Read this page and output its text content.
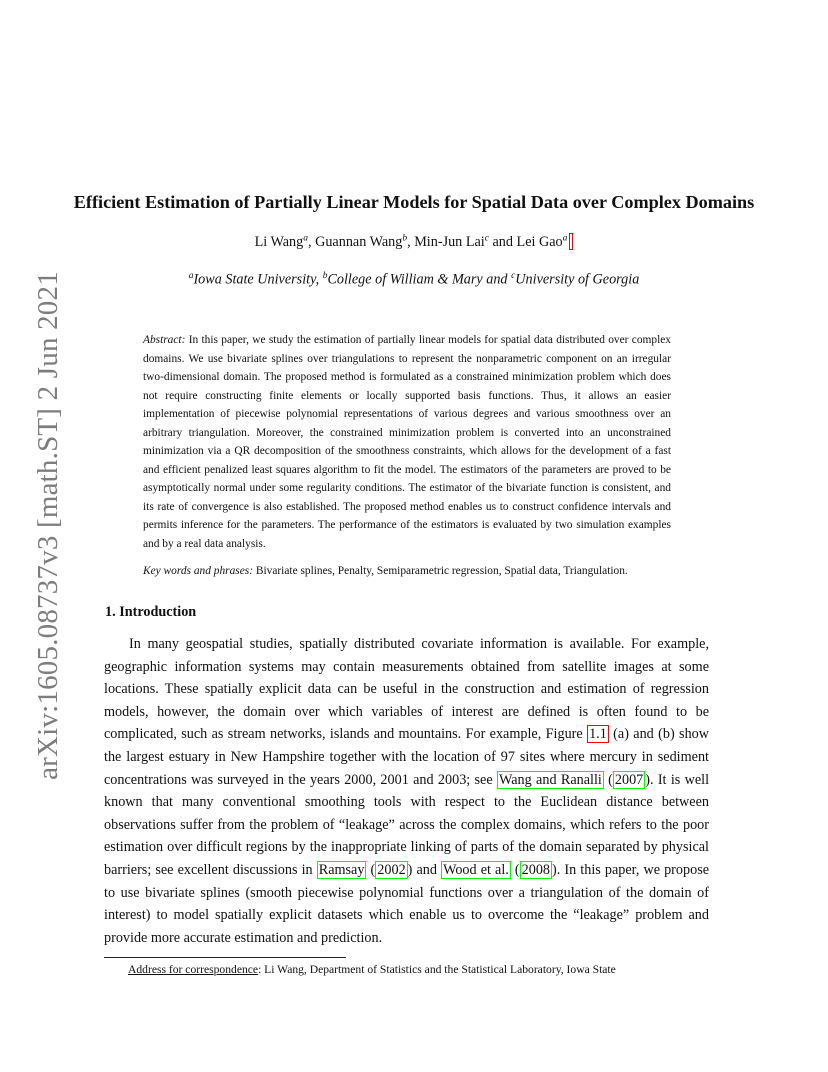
arXiv:1605.08737v3 [math.ST] 2 Jun 2021
Efficient Estimation of Partially Linear Models for Spatial Data over Complex Domains
Li Wang$^a$, Guannan Wang$^b$, Min-Jun Lai$^c$ and Lei Gao$^a$
$^a$Iowa State University, $^b$College of William & Mary and $^c$University of Georgia
Abstract: In this paper, we study the estimation of partially linear models for spatial data distributed over complex domains. We use bivariate splines over triangulations to represent the nonparametric component on an irregular two-dimensional domain. The proposed method is formulated as a constrained minimization problem which does not require constructing finite elements or locally supported basis functions. Thus, it allows an easier implementation of piecewise polynomial representations of various degrees and various smoothness over an arbitrary triangulation. Moreover, the constrained minimization problem is converted into an unconstrained minimization via a QR decomposition of the smoothness constraints, which allows for the development of a fast and efficient penalized least squares algorithm to fit the model. The estimators of the parameters are proved to be asymptotically normal under some regularity conditions. The estimator of the bivariate function is consistent, and its rate of convergence is also established. The proposed method enables us to construct confidence intervals and permits inference for the parameters. The performance of the estimators is evaluated by two simulation examples and by a real data analysis.
Key words and phrases: Bivariate splines, Penalty, Semiparametric regression, Spatial data, Triangulation.
1. Introduction
In many geospatial studies, spatially distributed covariate information is available. For example, geographic information systems may contain measurements obtained from satellite images at some locations. These spatially explicit data can be useful in the construction and estimation of regression models, however, the domain over which variables of interest are defined is often found to be complicated, such as stream networks, islands and mountains. For example, Figure 1.1 (a) and (b) show the largest estuary in New Hampshire together with the location of 97 sites where mercury in sediment concentrations was surveyed in the years 2000, 2001 and 2003; see Wang and Ranalli ( 2007 ). It is well known that many conventional smoothing tools with respect to the Euclidean distance between observations suffer from the problem of “leakage” across the complex domains, which refers to the poor estimation over difficult regions by the inappropriate linking of parts of the domain separated by physical barriers; see excellent discussions in Ramsay ( 2002 ) and Wood et al. ( 2008 ). In this paper, we propose to use bivariate splines (smooth piecewise polynomial functions over a triangulation of the domain of interest) to model spatially explicit datasets which enable us to overcome the “leakage” problem and provide more accurate estimation and prediction.
Address for correspondence: Li Wang, Department of Statistics and the Statistical Laboratory, Iowa State
